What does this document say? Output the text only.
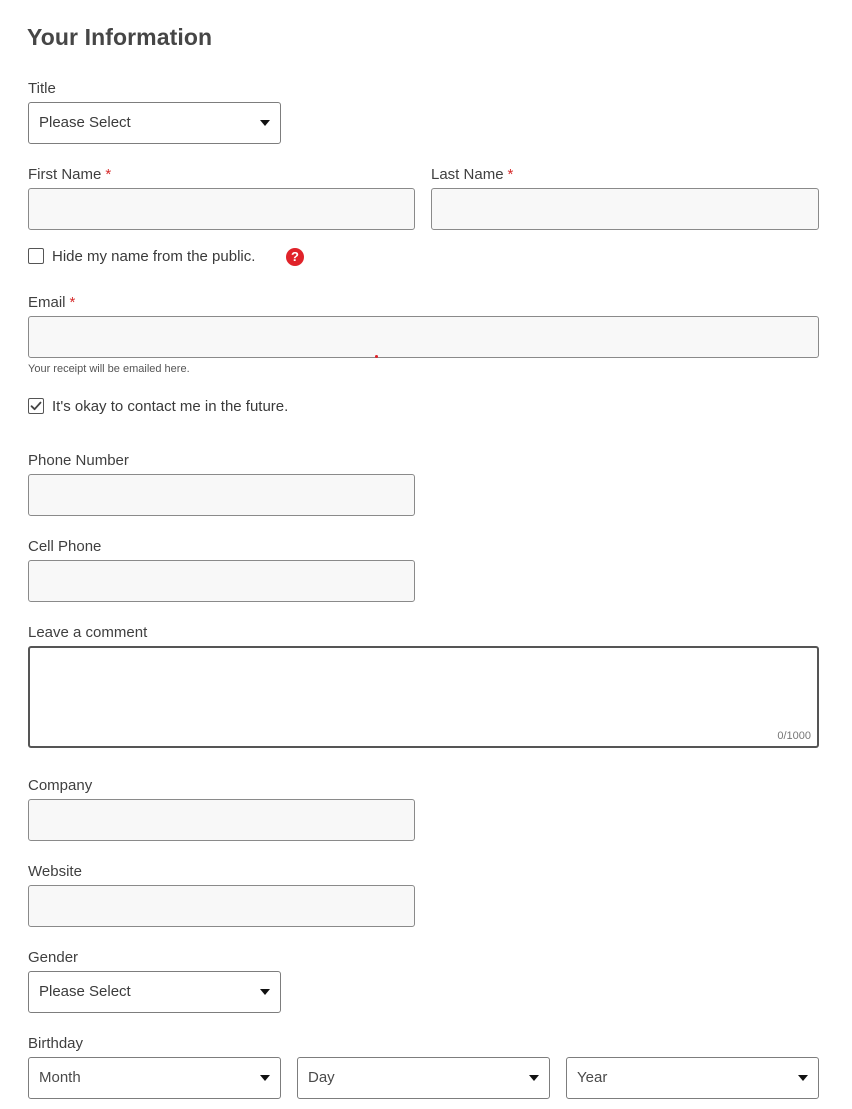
Your Information
Title
Please Select
First Name *	Last Name *
Hide my name from the public.	?
Email *
Your receipt will be emailed here.
It's okay to contact me in the future.
Phone Number
Cell Phone
Leave a comment
0/1000
Company
Website
Gender
Please Select
Birthday
Month	Day	Year
